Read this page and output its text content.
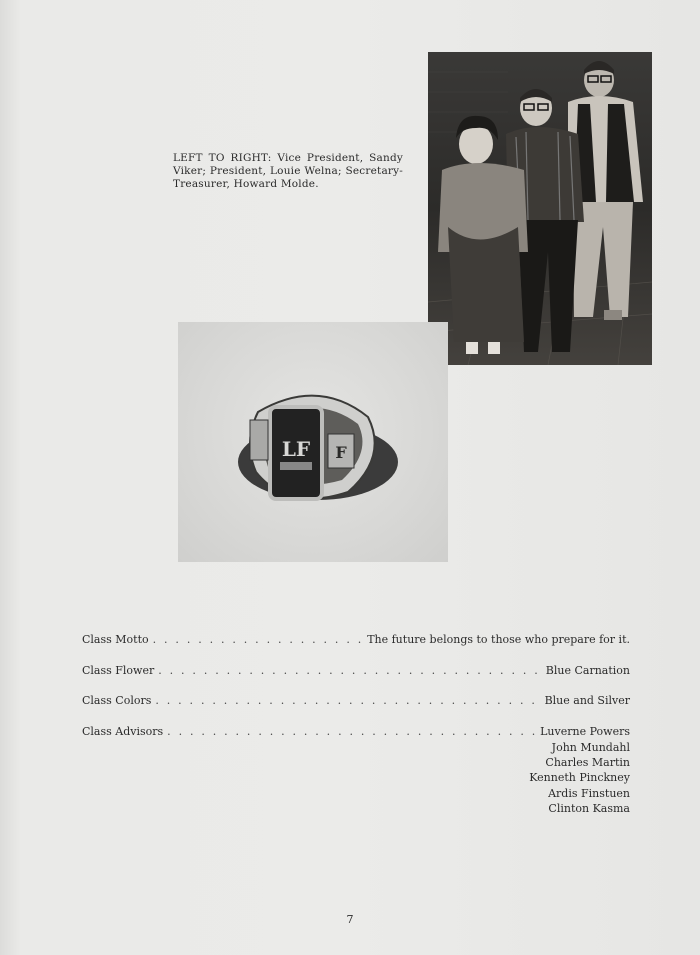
LEFT TO RIGHT: Vice President, Sandy Viker; President, Louie Welna; Secretary-Treasurer, Howard Molde.
LF F
Class Motto . . .	The future belongs to those who prepare for it.
Class Flower . . .	Blue Carnation
Class Colors . . .	Blue and Silver
Class Advisors . . .	Luverne Powers
John Mundahl
Charles Martin
Kenneth Pinckney
Ardis Finstuen
Clinton Kasma
7
